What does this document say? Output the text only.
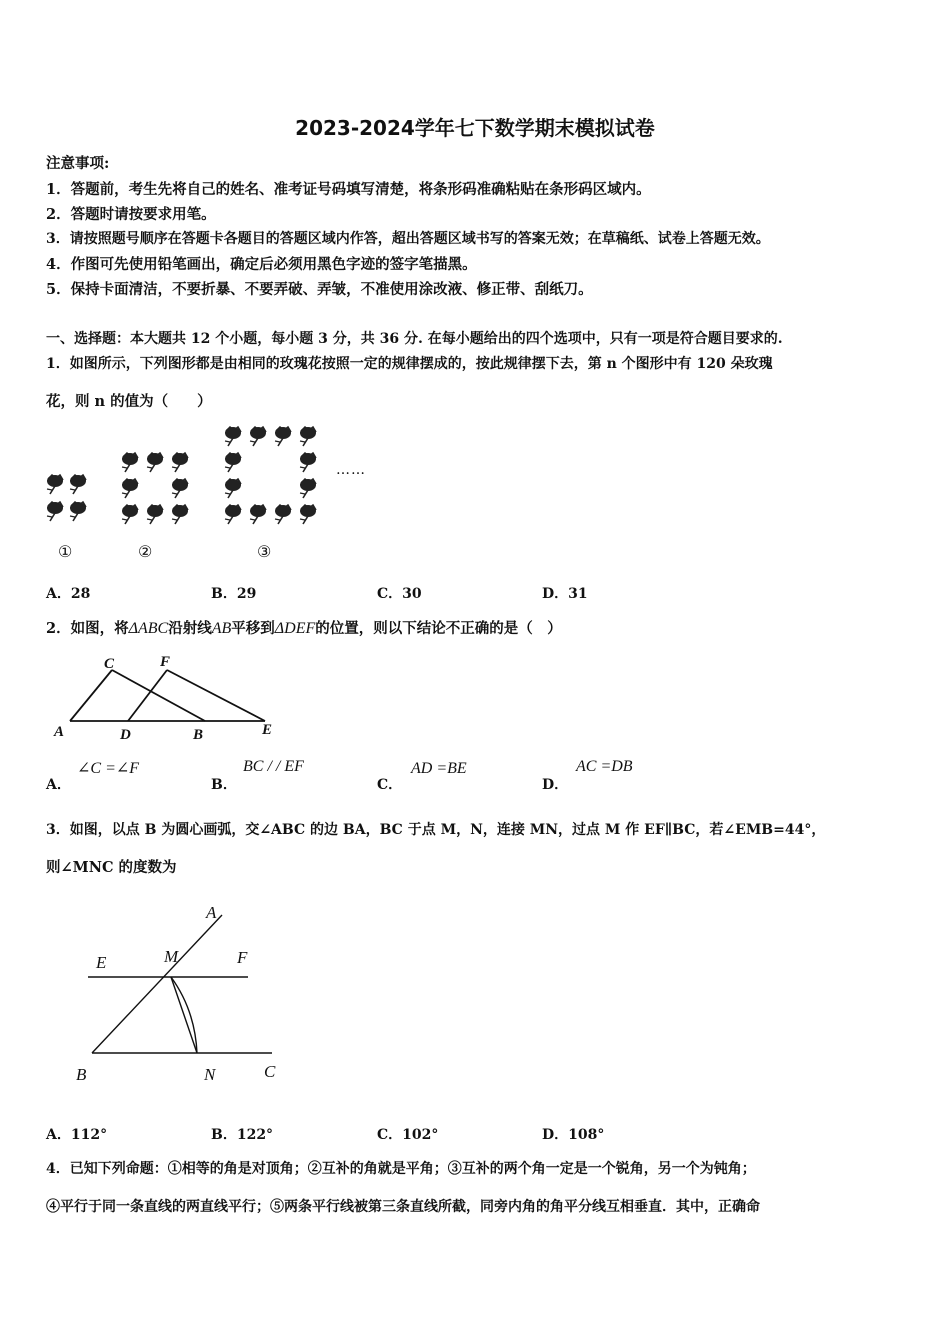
2023-2024学年七下数学期末模拟试卷
注意事项:
1．答题前，考生先将自己的姓名、准考证号码填写清楚，将条形码准确粘贴在条形码区域内。
2．答题时请按要求用笔。
3．请按照题号顺序在答题卡各题目的答题区域内作答，超出答题区域书写的答案无效；在草稿纸、试卷上答题无效。
4．作图可先使用铅笔画出，确定后必须用黑色字迹的签字笔描黑。
5．保持卡面清洁，不要折暴、不要弄破、弄皱，不准使用涂改液、修正带、刮纸刀。
一、选择题：本大题共 12 个小题，每小题 3 分，共 36 分. 在每小题给出的四个选项中，只有一项是符合题目要求的.
1．如图所示，下列图形都是由相同的玫瑰花按照一定的规律摆成的，按此规律摆下去，第 n 个图形中有 120 朵玫瑰
花，则 n 的值为（　　）
……
①	②	③
A．28	B．29	C．30	D．31
2．如图，将ΔABC沿射线AB平移到ΔDEF的位置，则以下结论不正确的是（　）
A
C	F
D	B	E
A．
∠C =∠F
B．
BC / / EF
C．
AD =BE
D．
AC =DB
3．如图，以点 B 为圆心画弧，交∠ABC 的边 BA，BC 于点 M，N，连接 MN，过点 M 作 EF∥BC，若∠EMB=44°，
则∠MNC 的度数为
A
E	M	F
B	N	C
A．112°	B．122°	C．102°	D．108°
4．已知下列命题：①相等的角是对顶角；②互补的角就是平角；③互补的两个角一定是一个锐角，另一个为钝角；
④平行于同一条直线的两直线平行；⑤两条平行线被第三条直线所截，同旁内角的角平分线互相垂直．其中，正确命
